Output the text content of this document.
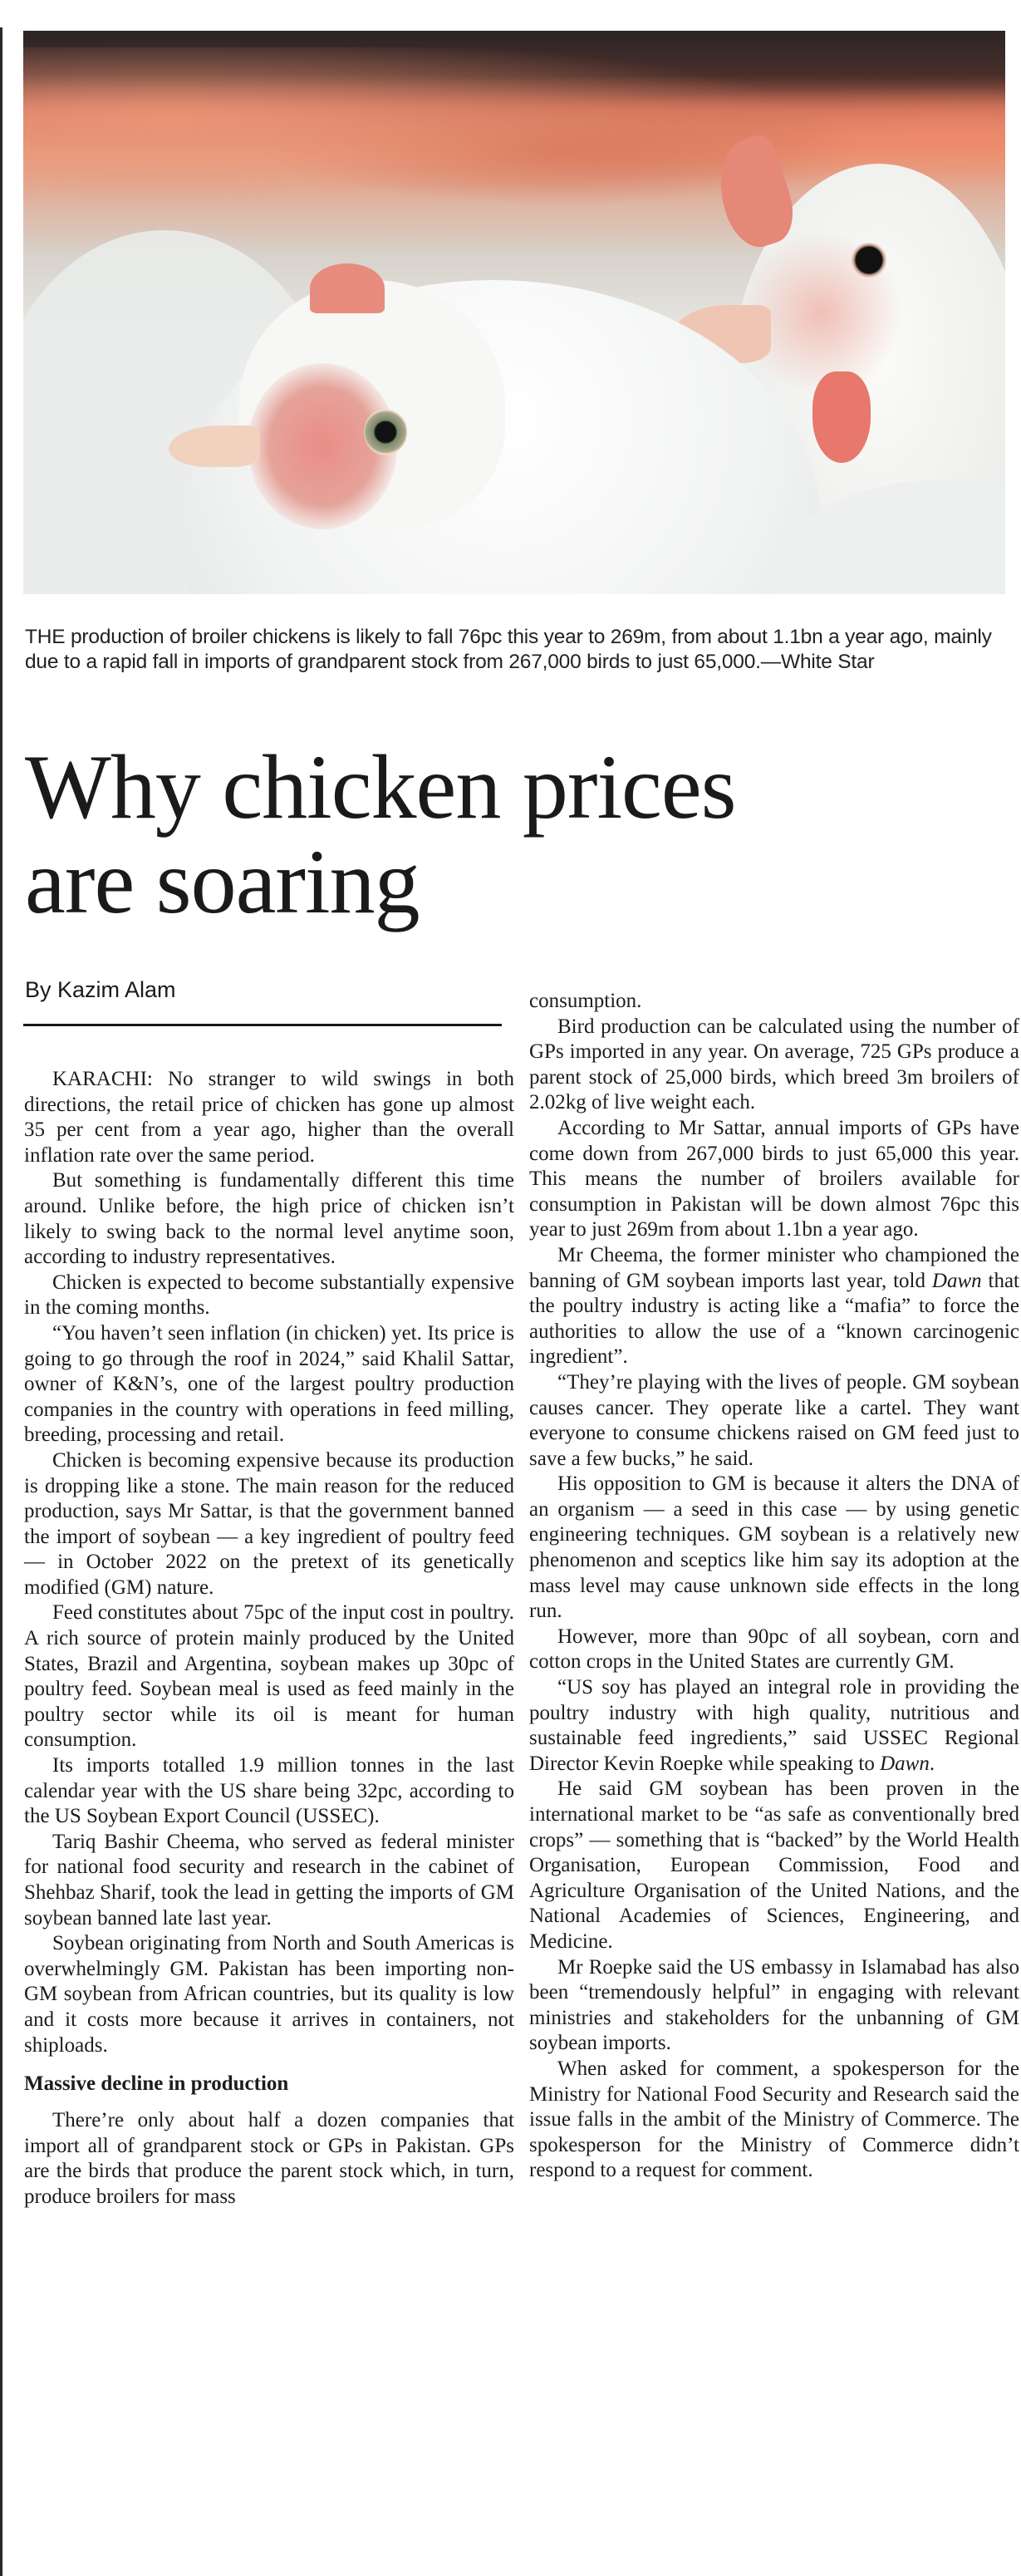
THE production of broiler chickens is likely to fall 76pc this year to 269m, from about 1.1bn a year ago, mainly due to a rapid fall in imports of grandparent stock from 267,000 birds to just 65,000.—White Star

Why chicken prices
are soaring

By Kazim Alam

KARACHI: No stranger to wild swings in both directions, the retail price of chicken has gone up almost 35 per cent from a year ago, higher than the overall inflation rate over the same period.

But something is fundamentally different this time around. Unlike before, the high price of chicken isn’t likely to swing back to the normal level anytime soon, according to industry representatives.

Chicken is expected to become substantially expensive in the coming months.

“You haven’t seen inflation (in chicken) yet. Its price is going to go through the roof in 2024,” said Khalil Sattar, owner of K&N’s, one of the largest poultry production companies in the country with operations in feed milling, breeding, processing and retail.

Chicken is becoming expensive because its production is dropping like a stone. The main reason for the reduced production, says Mr Sattar, is that the government banned the import of soybean — a key ingredient of poultry feed — in October 2022 on the pretext of its genetically modified (GM) nature.

Feed constitutes about 75pc of the input cost in poultry. A rich source of protein mainly produced by the United States, Brazil and Argentina, soybean makes up 30pc of poultry feed. Soybean meal is used as feed mainly in the poultry sector while its oil is meant for human consumption.

Its imports totalled 1.9 million tonnes in the last calendar year with the US share being 32pc, according to the US Soybean Export Council (USSEC).

Tariq Bashir Cheema, who served as federal minister for national food security and research in the cabinet of Shehbaz Sharif, took the lead in getting the imports of GM soybean banned late last year.

Soybean originating from North and South Americas is overwhelmingly GM. Pakistan has been importing non-GM soybean from African countries, but its quality is low and it costs more because it arrives in containers, not shiploads.

Massive decline in production

There’re only about half a dozen companies that import all of grandparent stock or GPs in Pakistan. GPs are the birds that produce the parent stock which, in turn, produce broilers for mass

consumption.

Bird production can be calculated using the number of GPs imported in any year. On average, 725 GPs produce a parent stock of 25,000 birds, which breed 3m broilers of 2.02kg of live weight each.

According to Mr Sattar, annual imports of GPs have come down from 267,000 birds to just 65,000 this year. This means the number of broilers available for consumption in Pakistan will be down almost 76pc this year to just 269m from about 1.1bn a year ago.

Mr Cheema, the former minister who championed the banning of GM soybean imports last year, told Dawn that the poultry industry is acting like a “mafia” to force the authorities to allow the use of a “known carcinogenic ingredient”.

“They’re playing with the lives of people. GM soybean causes cancer. They operate like a cartel. They want everyone to consume chickens raised on GM feed just to save a few bucks,” he said.

His opposition to GM is because it alters the DNA of an organism — a seed in this case — by using genetic engineering techniques. GM soybean is a relatively new phenomenon and sceptics like him say its adoption at the mass level may cause unknown side effects in the long run.

However, more than 90pc of all soybean, corn and cotton crops in the United States are currently GM.

“US soy has played an integral role in providing the poultry industry with high quality, nutritious and sustainable feed ingredients,” said USSEC Regional Director Kevin Roepke while speaking to Dawn.

He said GM soybean has been proven in the international market to be “as safe as conventionally bred crops” — something that is “backed” by the World Health Organisation, European Commission, Food and Agriculture Organisation of the United Nations, and the National Academies of Sciences, Engineering, and Medicine.

Mr Roepke said the US embassy in Islamabad has also been “tremendously helpful” in engaging with relevant ministries and stakeholders for the unbanning of GM soybean imports.

When asked for comment, a spokesperson for the Ministry for National Food Security and Research said the issue falls in the ambit of the Ministry of Commerce. The spokesperson for the Ministry of Commerce didn’t respond to a request for comment.
